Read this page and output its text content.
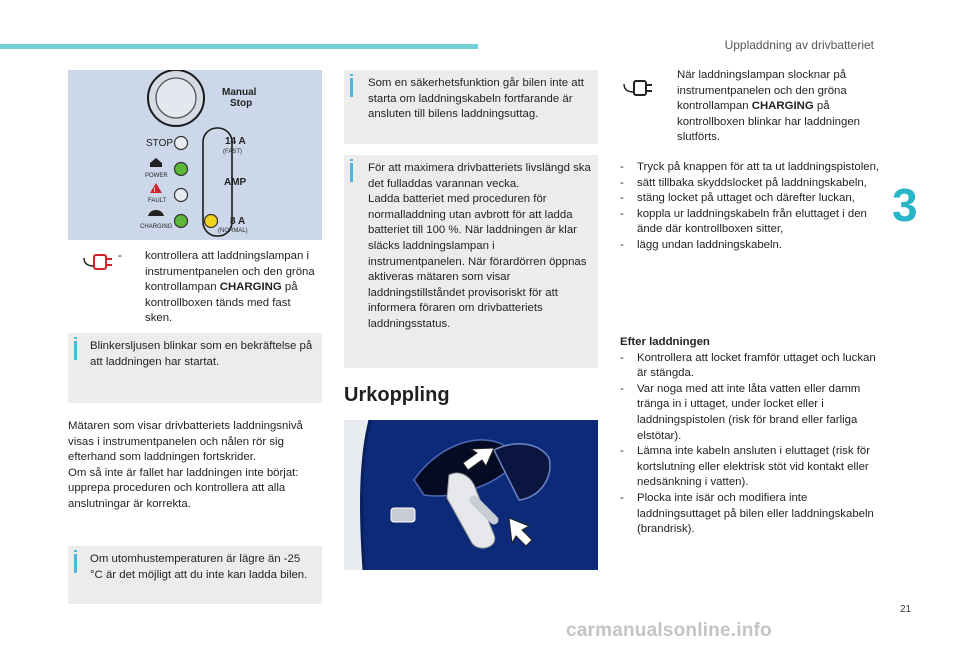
Uppladdning av drivbatteriet
3
Manual
Stop
STOP
POWER
!
FAULT
CHARGING
14 A
(FAST)
AMP
8 A
(NORMAL)
- - kontrollera att laddningslampan i instrumentpanelen och den gröna kontrollampan CHARGING på kontrollboxen tänds med fast sken.
Blinkersljusen blinkar som en bekräftelse på att laddningen har startat.
Mätaren som visar drivbatteriets laddningsnivå visas i instrumentpanelen och nålen rör sig efterhand som laddningen fortskrider.
Om så inte är fallet har laddningen inte börjat: upprepa proceduren och kontrollera att alla anslutningar är korrekta.
Om utomhustemperaturen är lägre än -25 °C är det möjligt att du inte kan ladda bilen.
Som en säkerhetsfunktion går bilen inte att starta om laddningskabeln fortfarande är ansluten till bilens laddningsuttag.
För att maximera drivbatteriets livslängd ska det fulladdas varannan vecka.
Ladda batteriet med proceduren för normalladdning utan avbrott för att ladda batteriet till 100 %. När laddningen är klar släcks laddningslampan i instrumentpanelen. När förardörren öppnas aktiveras mätaren som visar laddningstillståndet provisoriskt för att informera föraren om drivbatteriets laddningsstatus.
Urkoppling
När laddningslampan slocknar på instrumentpanelen och den gröna kontrollampan CHARGING på kontrollboxen blinkar har laddningen slutförts.
- Tryck på knappen för att ta ut laddningspistolen,
- sätt tillbaka skyddslocket på laddningskabeln,
- stäng locket på uttaget och därefter luckan,
- koppla ur laddningskabeln från eluttaget i den ände där kontrollboxen sitter,
- lägg undan laddningskabeln.
Efter laddningen
- Kontrollera att locket framför uttaget och luckan är stängda.
- Var noga med att inte låta vatten eller damm tränga in i uttaget, under locket eller i laddningspistolen (risk för brand eller farliga elstötar).
- Lämna inte kabeln ansluten i eluttaget (risk för kortslutning eller elektrisk stöt vid kontakt eller nedsänkning i vatten).
- Plocka inte isär och modifiera inte laddningsuttaget på bilen eller laddningskabeln (brandrisk).
21
carmanualsonline.info
